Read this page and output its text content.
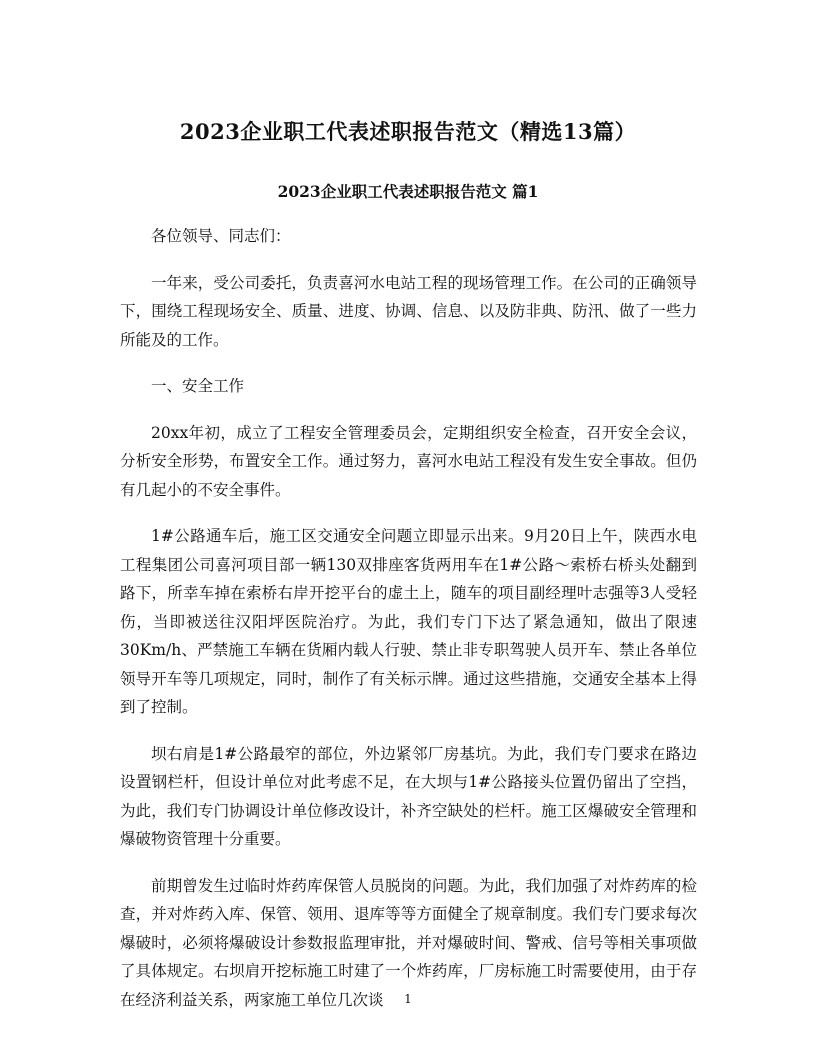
2023企业职工代表述职报告范文（精选13篇）
2023企业职工代表述职报告范文 篇1

各位领导、同志们：

一年来，受公司委托，负责喜河水电站工程的现场管理工作。在公司的正确领导下，围绕工程现场安全、质量、进度、协调、信息、以及防非典、防汛、做了一些力所能及的工作。

一、安全工作

20xx年初，成立了工程安全管理委员会，定期组织安全检查，召开安全会议，分析安全形势，布置安全工作。通过努力，喜河水电站工程没有发生安全事故。但仍有几起小的不安全事件。

1#公路通车后，施工区交通安全问题立即显示出来。9月20日上午，陕西水电工程集团公司喜河项目部一辆130双排座客货两用车在1#公路～索桥右桥头处翻到路下，所幸车掉在索桥右岸开挖平台的虚土上，随车的项目副经理叶志强等3人受轻伤，当即被送往汉阳坪医院治疗。为此，我们专门下达了紧急通知，做出了限速30Km/h、严禁施工车辆在货厢内载人行驶、禁止非专职驾驶人员开车、禁止各单位领导开车等几项规定，同时，制作了有关标示牌。通过这些措施，交通安全基本上得到了控制。

坝右肩是1#公路最窄的部位，外边紧邻厂房基坑。为此，我们专门要求在路边设置钢栏杆，但设计单位对此考虑不足，在大坝与1#公路接头位置仍留出了空挡，为此，我们专门协调设计单位修改设计，补齐空缺处的栏杆。施工区爆破安全管理和爆破物资管理十分重要。

前期曾发生过临时炸药库保管人员脱岗的问题。为此，我们加强了对炸药库的检查，并对炸药入库、保管、领用、退库等等方面健全了规章制度。我们专门要求每次爆破时，必须将爆破设计参数报监理审批，并对爆破时间、警戒、信号等相关事项做了具体规定。右坝肩开挖标施工时建了一个炸药库，厂房标施工时需要使用，由于存在经济利益关系，两家施工单位几次谈	1
